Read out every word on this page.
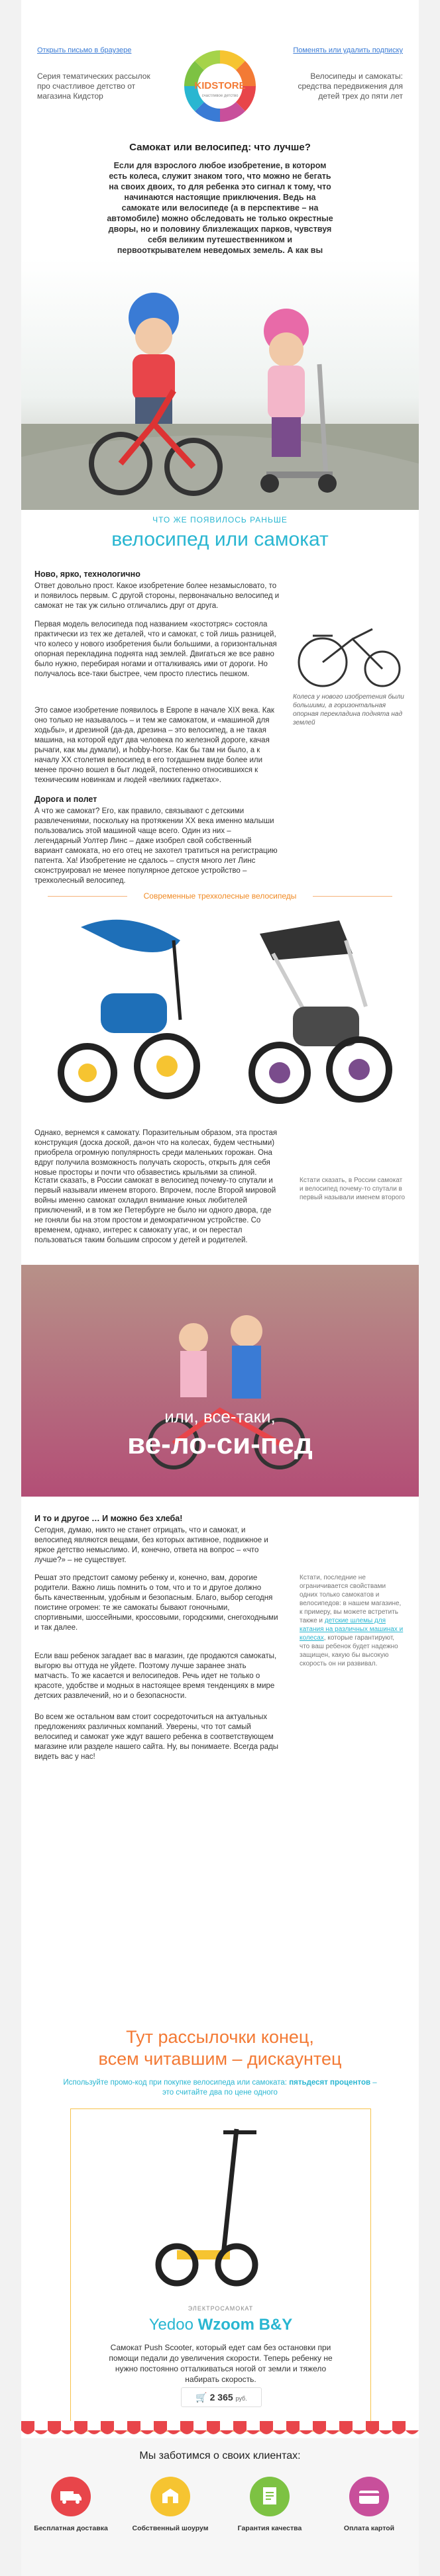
Открыть письмо в браузере	Поменять или удалить подписку
Серия тематических рассылок про счастливое детство от магазина Кидстор
Велосипеды и самокаты: средства передвижения для детей трех до пяти лет
KIDSTORE
счастливое детство
Самокат или велосипед: что лучше?
Если для взрослого любое изобретение, в котором есть колеса, служит знаком того, что можно не бегать на своих двоих, то для ребенка это сигнал к тому, что начинаются настоящие приключения. Ведь на самокате или велосипеде (а в перспективе – на автомобиле) можно обследовать не только окрестные дворы, но и половину близлежащих парков, чувствуя себя великим путешественником и первооткрывателем неведомых земель. А как вы
ЧТО ЖЕ ПОЯВИЛОСЬ РАНЬШЕ
велосипед или самокат
Ново, ярко, технологично
Ответ довольно прост. Какое изобретение более незамысловато, то и появилось первым. С другой стороны, первоначально велосипед и самокат не так уж сильно отличались друг от друга.
Первая модель велосипеда под названием «костотряс» состояла практически из тех же деталей, что и самокат, с той лишь разницей, что колесо у нового изобретения были большими, а горизонтальная опорная перекладина поднята над землей. Двигаться же все равно было нужно, перебирая ногами и отталкиваясь ими от дороги. Но получалось все-таки быстрее, чем просто плестись пешком.
Колеса у нового изобретения были большими, а горизонтальная опорная перекладина поднята над землей
Это самое изобретение появилось в Европе в начале XIX века. Как оно только не называлось – и тем же самокатом, и «машиной для ходьбы», и дрезиной (да-да, дрезина – это велосипед, а не такая машина, на которой едут два человека по железной дороге, качая рычаги, как мы думали), и hobby-horse. Как бы там ни было, а к началу XX столетия велосипед в его тогдашнем виде более или менее прочно вошел в быт людей, постепенно относившихся к техническим новинкам и людей «великих гаджетах».
Дорога и полет
А что же самокат? Его, как правило, связывают с детскими развлечениями, поскольку на протяжении XX века именно малыши пользовались этой машиной чаще всего. Один из них – легендарный Уолтер Линс – даже изобрел свой собственный вариант самоката, но его отец не захотел тратиться на регистрацию патента. Ха! Изобретение не сдалось – спустя много лет Линс сконструировал не менее популярное детское устройство – трехколесный велосипед.
Современные трехколесные велосипеды
Однако, вернемся к самокату. Поразительным образом, эта простая конструкция (доска доской, да»он что на колесах, будем честными) приобрела огромную популярность среди маленьких горожан. Она вдруг получила возможность получать скорость, открыть для себя новые просторы и почти что обзавестись крыльями за спиной.
Кстати сказать, в России самокат в велосипед почему-то спутали и первый называли именем второго. Впрочем, после Второй мировой войны именно самокат охладил внимание юных любителей приключений, и в том же Петербурге не было ни одного двора, где не гоняли бы на этом простом и демократичном устройстве. Со временем, однако, интерес к самокату угас, и он перестал пользоваться таким большим спросом у детей и родителей.
Кстати сказать, в России самокат и велосипед почему-то спутали в первый называли именем второго
или, все-таки,
ве-ло-си-пед
И то и другое … И можно без хлеба!
Сегодня, думаю, никто не станет отрицать, что и самокат, и велосипед являются вещами, без которых активное, подвижное и яркое детство немыслимо. И, конечно, ответа на вопрос – «что лучше?» – не существует.
Решат это предстоит самому ребенку и, конечно, вам, дорогие родители. Важно лишь помнить о том, что и то и другое должно быть качественным, удобным и безопасным. Благо, выбор сегодня поистине огромен: те же самокаты бывают гоночными, спортивными, шоссейными, кроссовыми, городскими, снегоходными и так далее.
Кстати, последние не ограничивается свойствами одних только самокатов и велосипедов: в нашем магазине, к примеру, вы можете встретить также и детские шлемы для катания на различных машинах и колесах, которые гарантируют, что ваш ребенок будет надежно защищен, какую бы высокую скорость он ни развивал.
Если ваш ребенок загадает вас в магазин, где продаются самокаты, выгорю вы оттуда не уйдете. Поэтому лучше заранее знать матчасть. То же касается и велосипедов. Речь идет не только о красоте, удобстве и модных в настоящее время тенденциях в мире детских развлечений, но и о безопасности.
Во всем же остальном вам стоит сосредоточиться на актуальных предложениях различных компаний. Уверены, что тот самый велосипед и самокат уже ждут вашего ребенка в соответствующем магазине или разделе нашего сайта. Ну, вы понимаете. Всегда рады видеть вас у нас!
Тут рассылочки конец,
всем читавшим – дискаунтец
Используйте промо-код при покупке велосипеда или самоката: пятьдесят процентов – это считайте два по цене одного
ЭЛЕКТРОСАМОКАТ
Yedoo Wzoom B&Y
Самокат Push Scooter, который едет сам без остановки при помощи педали до увеличения скорости. Теперь ребенку не нужно постоянно отталкиваться ногой от земли и тяжело набирать скорость.
🛒 2 365 руб.
Мы заботимся о своих клиентах:
Бесплатная доставка	Собственный шоурум	Гарантия качества	Оплата картой
